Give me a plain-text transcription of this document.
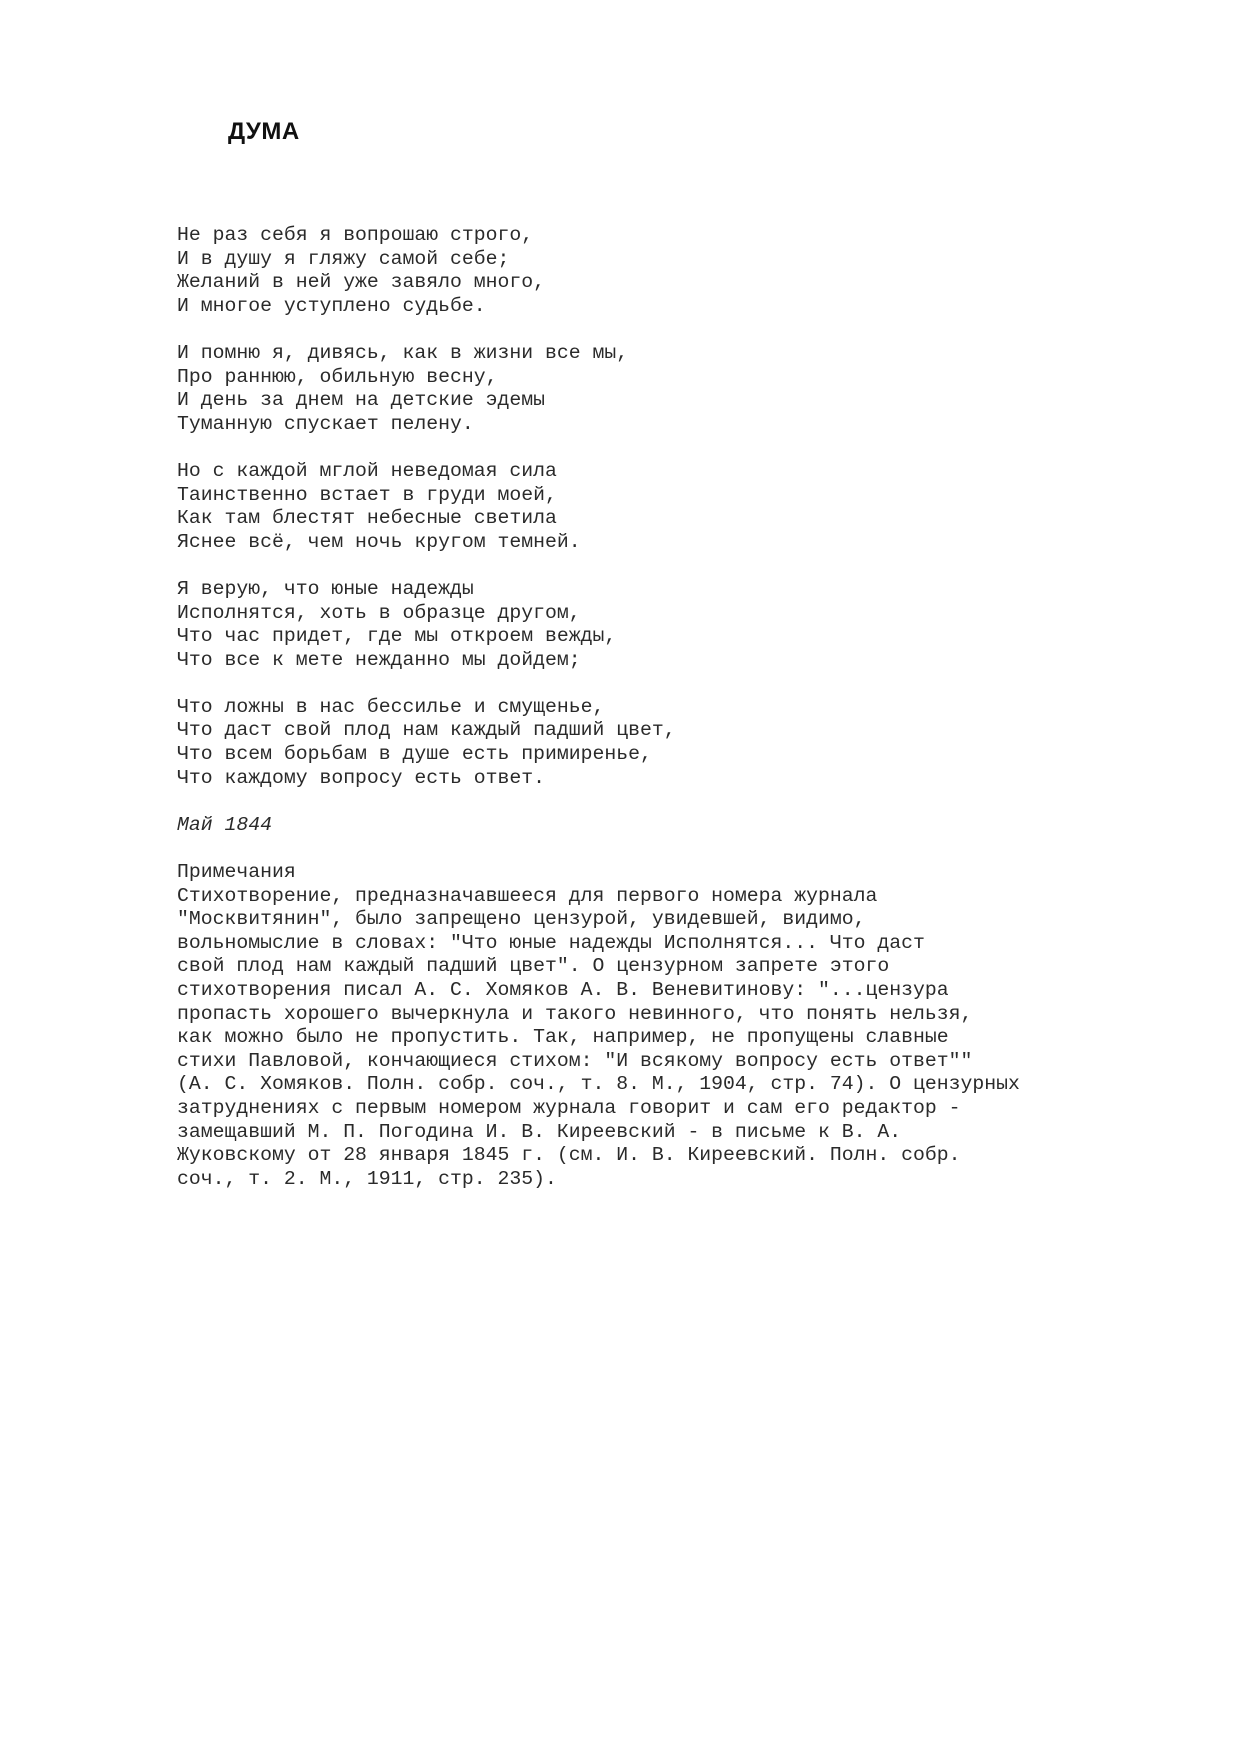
ДУМА
Не раз себя я вопрошаю строго,
И в душу я гляжу самой себе;
Желаний в ней уже завяло много,
И многое уступлено судьбе.
И помню я, дивясь, как в жизни все мы,
Про раннюю, обильную весну,
И день за днем на детские эдемы
Туманную спускает пелену.
Но с каждой мглой неведомая сила
Таинственно встает в груди моей,
Как там блестят небесные светила
Яснее всё, чем ночь кругом темней.
Я верую, что юные надежды
Исполнятся, хоть в образце другом,
Что час придет, где мы откроем вежды,
Что все к мете нежданно мы дойдем;
Что ложны в нас бессилье и смущенье,
Что даст свой плод нам каждый падший цвет,
Что всем борьбам в душе есть примиренье,
Что каждому вопросу есть ответ.
Май 1844
Примечания
Стихотворение, предназначавшееся для первого номера журнала
"Москвитянин", было запрещено цензурой, увидевшей, видимо,
вольномыслие в словах: "Что юные надежды Исполнятся... Что даст
свой плод нам каждый падший цвет". О цензурном запрете этого
стихотворения писал А. С. Хомяков А. В. Веневитинову: "...цензура
пропасть хорошего вычеркнула и такого невинного, что понять нельзя,
как можно было не пропустить. Так, например, не пропущены славные
стихи Павловой, кончающиеся стихом: "И всякому вопросу есть ответ""
(А. С. Хомяков. Полн. собр. соч., т. 8. М., 1904, стр. 74). О цензурных
затруднениях с первым номером журнала говорит и сам его редактор -
замещавший М. П. Погодина И. В. Киреевский - в письме к В. А.
Жуковскому от 28 января 1845 г. (см. И. В. Киреевский. Полн. собр.
соч., т. 2. М., 1911, стр. 235).
